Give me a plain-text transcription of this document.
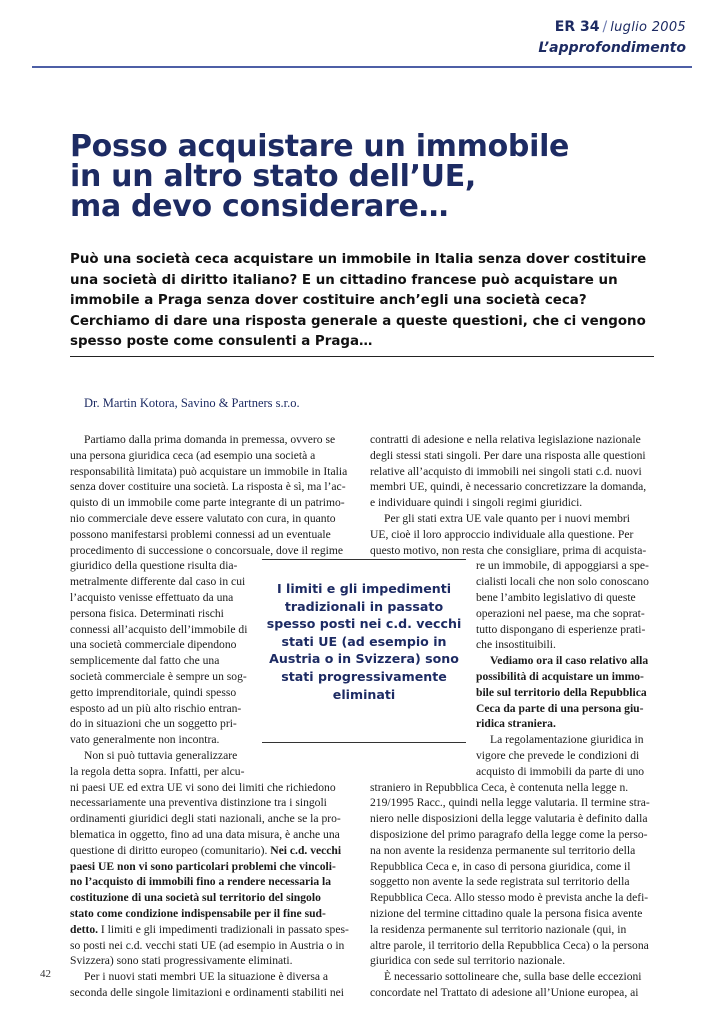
ER 34 / luglio 2005
L’approfondimento
Posso acquistare un immobile
in un altro stato dell’UE,
ma devo considerare…

Può una società ceca acquistare un immobile in Italia senza dover costituire una società di diritto italiano? E un cittadino francese può acquistare un immobile a Praga senza dover costituire anch’egli una società ceca? Cerchiamo di dare una risposta generale a queste questioni, che ci vengono spesso poste come consulenti a Praga…

Dr. Martin Kotora, Savino & Partners s.r.o.
Partiamo dalla prima domanda in premessa, ovvero se
una persona giuridica ceca (ad esempio una società a
responsabilità limitata) può acquistare un immobile in Italia
senza dover costituire una società. La risposta è sì, ma l’ac-
quisto di un immobile come parte integrante di un patrimo-
nio commerciale deve essere valutato con cura, in quanto
possono manifestarsi problemi connessi ad un eventuale
procedimento di successione o concorsuale, dove il regime
giuridico della questione risulta dia-
metralmente differente dal caso in cui
l’acquisto venisse effettuato da una
persona fisica. Determinati rischi
connessi all’acquisto dell’immobile di
una società commerciale dipendono
semplicemente dal fatto che una
società commerciale è sempre un sog-
getto imprenditoriale, quindi spesso
esposto ad un più alto rischio entran-
do in situazioni che un soggetto pri-
vato generalmente non incontra.
Non si può tuttavia generalizzare
la regola detta sopra. Infatti, per alcu-
ni paesi UE ed extra UE vi sono dei limiti che richiedono
necessariamente una preventiva distinzione tra i singoli
ordinamenti giuridici degli stati nazionali, anche se la pro-
blematica in oggetto, fino ad una data misura, è anche una
questione di diritto europeo (comunitario). Nei c.d. vecchi
paesi UE non vi sono particolari problemi che vincoli-
no l’acquisto di immobili fino a rendere necessaria la
costituzione di una società sul territorio del singolo
stato come condizione indispensabile per il fine sud-
detto. I limiti e gli impedimenti tradizionali in passato spes-
so posti nei c.d. vecchi stati UE (ad esempio in Austria o in
Svizzera) sono stati progressivamente eliminati.
Per i nuovi stati membri UE la situazione è diversa a
seconda delle singole limitazioni e ordinamenti stabiliti nei
contratti di adesione e nella relativa legislazione nazionale
degli stessi stati singoli. Per dare una risposta alle questioni
relative all’acquisto di immobili nei singoli stati c.d. nuovi
membri UE, quindi, è necessario concretizzare la domanda,
e individuare quindi i singoli regimi giuridici.
Per gli stati extra UE vale quanto per i nuovi membri
UE, cioè il loro approccio individuale alla questione. Per
questo motivo, non resta che consigliare, prima di acquista-
re un immobile, di appoggiarsi a spe-
cialisti locali che non solo conoscano
bene l’ambito legislativo di queste
operazioni nel paese, ma che soprat-
tutto dispongano di esperienze prati-
che insostituibili.
Vediamo ora il caso relativo alla
possibilità di acquistare un immo-
bile sul territorio della Repubblica
Ceca da parte di una persona giu-
ridica straniera.
La regolamentazione giuridica in
vigore che prevede le condizioni di
acquisto di immobili da parte di uno
straniero in Repubblica Ceca, è contenuta nella legge n.
219/1995 Racc., quindi nella legge valutaria. Il termine stra-
niero nelle disposizioni della legge valutaria è definito dalla
disposizione del primo paragrafo della legge come la perso-
na non avente la residenza permanente sul territorio della
Repubblica Ceca e, in caso di persona giuridica, come il
soggetto non avente la sede registrata sul territorio della
Repubblica Ceca. Allo stesso modo è prevista anche la defi-
nizione del termine cittadino quale la persona fisica avente
la residenza permanente sul territorio nazionale (qui, in
altre parole, il territorio della Repubblica Ceca) o la persona
giuridica con sede sul territorio nazionale.
È necessario sottolineare che, sulla base delle eccezioni
concordate nel Trattato di adesione all’Unione europea, ai
I limiti e gli impedimenti
tradizionali in passato
spesso posti nei c.d. vecchi
stati UE (ad esempio in
Austria o in Svizzera) sono
stati progressivamente
eliminati
42
